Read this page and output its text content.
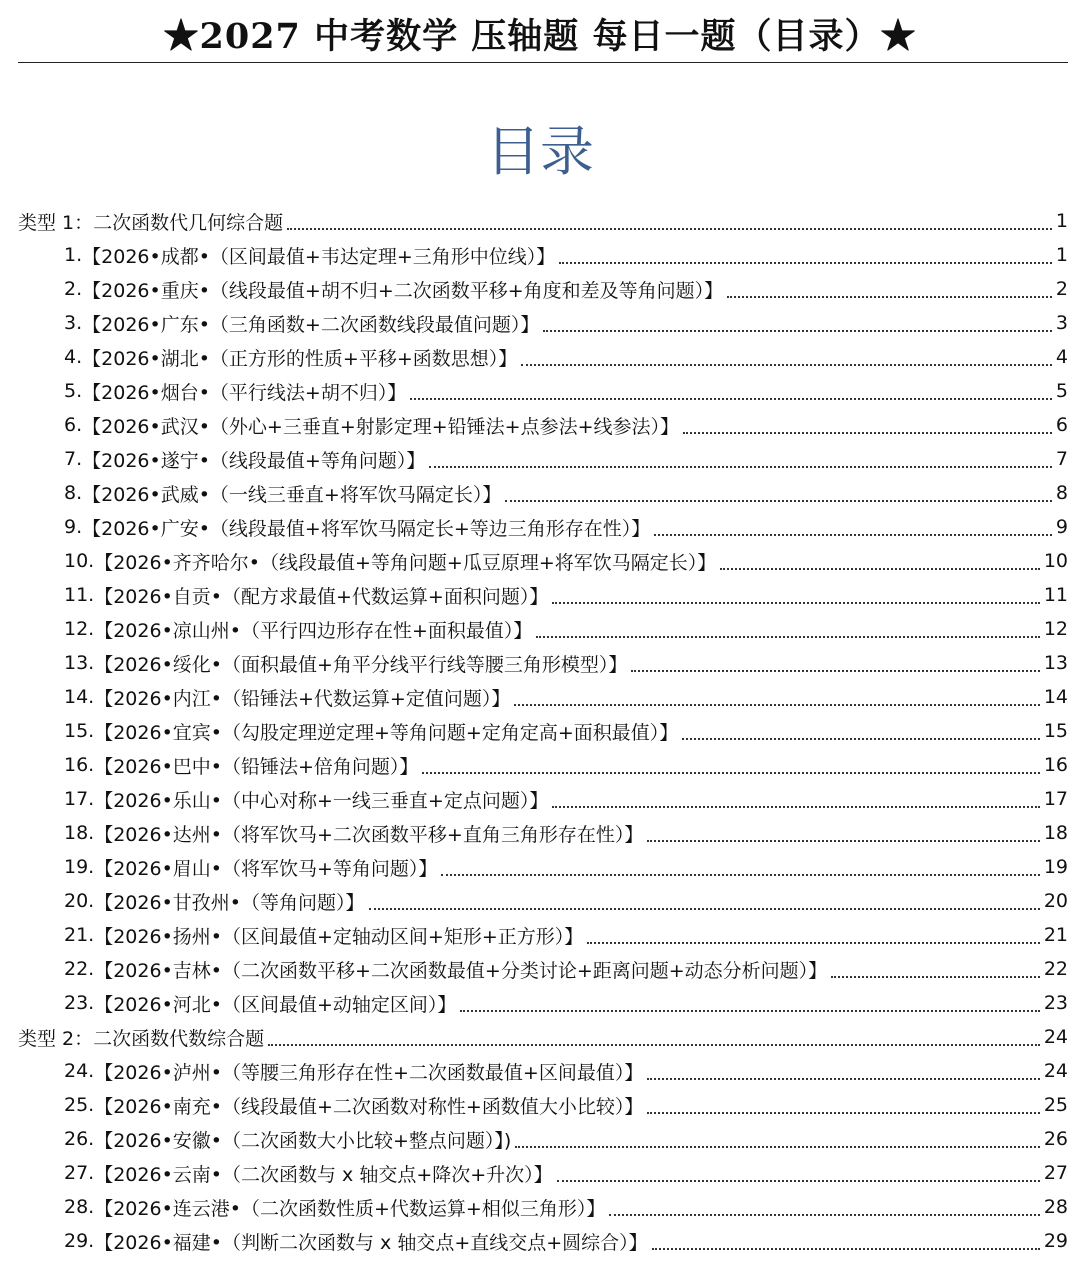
★2027 中考数学 压轴题 每日一题（目录）★
目录
类型 1：二次函数代几何综合题	1
1. 【2026•成都• （区间最值+韦达定理+三角形中位线）】	1
2. 【2026•重庆• （线段最值+胡不归+二次函数平移+角度和差及等角问题）】	2
3. 【2026•广东• （三角函数+二次函数线段最值问题）】	3
4. 【2026•湖北• （正方形的性质+平移+函数思想）】	4
5. 【2026•烟台• （平行线法+胡不归）】	5
6. 【2026•武汉• （外心+三垂直+射影定理+铅锤法+点参法+线参法）】	6
7. 【2026•遂宁• （线段最值+等角问题）】	7
8. 【2026•武威• （一线三垂直+将军饮马隔定长）】	8
9. 【2026•广安• （线段最值+将军饮马隔定长+等边三角形存在性）】	9
10. 【2026•齐齐哈尔• （线段最值+等角问题+瓜豆原理+将军饮马隔定长）】	10
11. 【2026•自贡• （配方求最值+代数运算+面积问题）】	11
12. 【2026•凉山州• （平行四边形存在性+面积最值）】	12
13. 【2026•绥化• （面积最值+角平分线平行线等腰三角形模型）】	13
14. 【2026•内江• （铅锤法+代数运算+定值问题）】	14
15. 【2026•宜宾• （勾股定理逆定理+等角问题+定角定高+面积最值）】	15
16. 【2026•巴中• （铅锤法+倍角问题）】	16
17. 【2026•乐山• （中心对称+一线三垂直+定点问题）】	17
18. 【2026•达州• （将军饮马+二次函数平移+直角三角形存在性）】	18
19. 【2026•眉山• （将军饮马+等角问题）】	19
20. 【2026•甘孜州• （等角问题）】	20
21. 【2026•扬州• （区间最值+定轴动区间+矩形+正方形）】	21
22. 【2026•吉林• （二次函数平移+二次函数最值+分类讨论+距离问题+动态分析问题）】	22
23. 【2026•河北• （区间最值+动轴定区间）】	23
类型 2：二次函数代数综合题	24
24. 【2026•泸州• （等腰三角形存在性+二次函数最值+区间最值）】	24
25. 【2026•南充• （线段最值+二次函数对称性+函数值大小比较）】	25
26. 【2026•安徽• （二次函数大小比较+整点问题）】)	26
27. 【2026•云南• （二次函数与 x 轴交点+降次+升次）】	27
28. 【2026•连云港• （二次函数性质+代数运算+相似三角形）】	28
29. 【2026•福建• （判断二次函数与 x 轴交点+直线交点+圆综合）】	29
